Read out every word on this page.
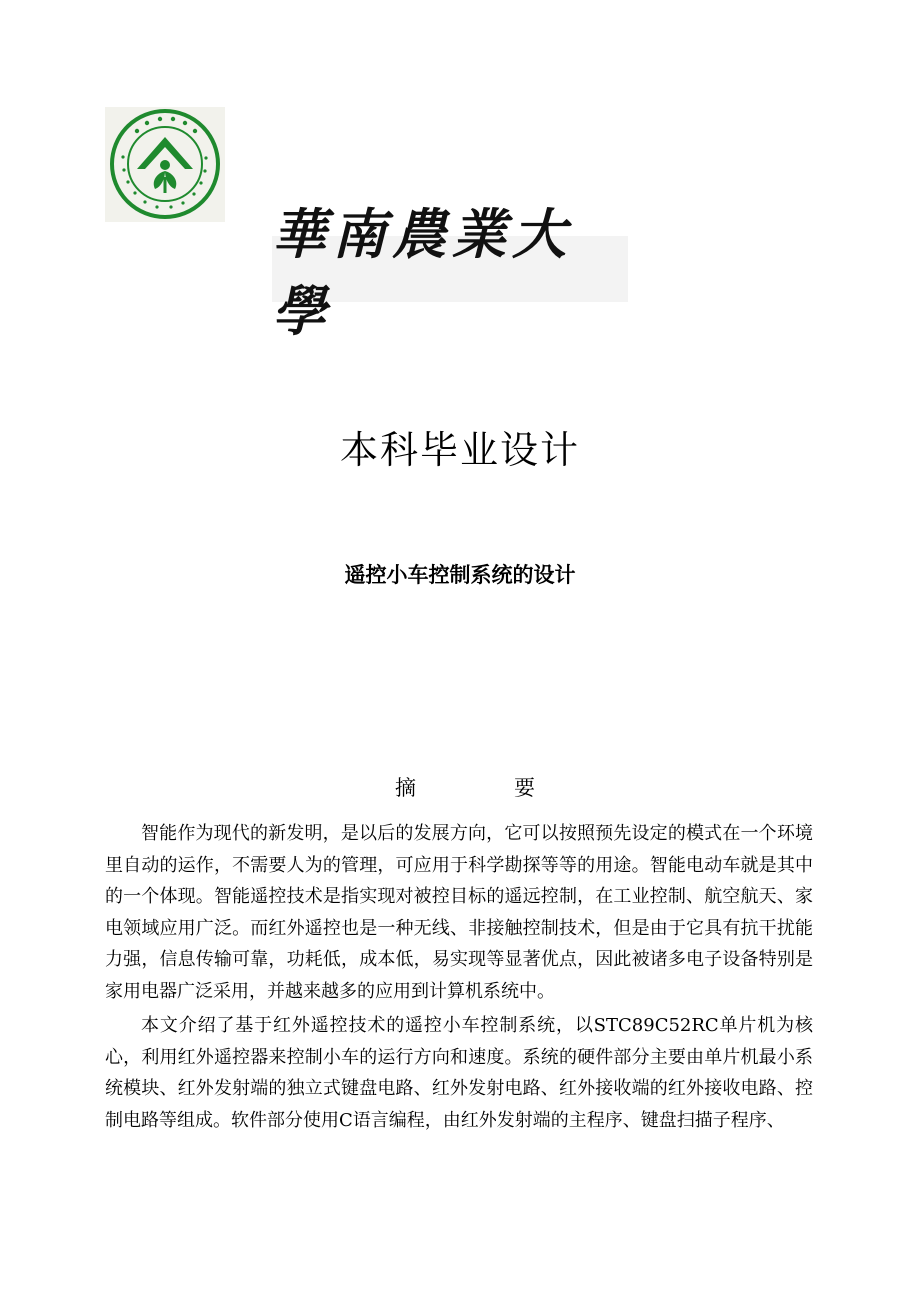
華南農業大學
本科毕业设计
遥控小车控制系统的设计
摘	要

智能作为现代的新发明，是以后的发展方向，它可以按照预先设定的模式在一个环境里自动的运作，不需要人为的管理，可应用于科学勘探等等的用途。智能电动车就是其中的一个体现。智能遥控技术是指实现对被控目标的遥远控制，在工业控制、航空航天、家电领域应用广泛。而红外遥控也是一种无线、非接触控制技术，但是由于它具有抗干扰能力强，信息传输可靠，功耗低，成本低，易实现等显著优点，因此被诸多电子设备特别是家用电器广泛采用，并越来越多的应用到计算机系统中。

本文介绍了基于红外遥控技术的遥控小车控制系统，以STC89C52RC单片机为核心，利用红外遥控器来控制小车的运行方向和速度。系统的硬件部分主要由单片机最小系统模块、红外发射端的独立式键盘电路、红外发射电路、红外接收端的红外接收电路、控制电路等组成。软件部分使用C语言编程，由红外发射端的主程序、键盘扫描子程序、
